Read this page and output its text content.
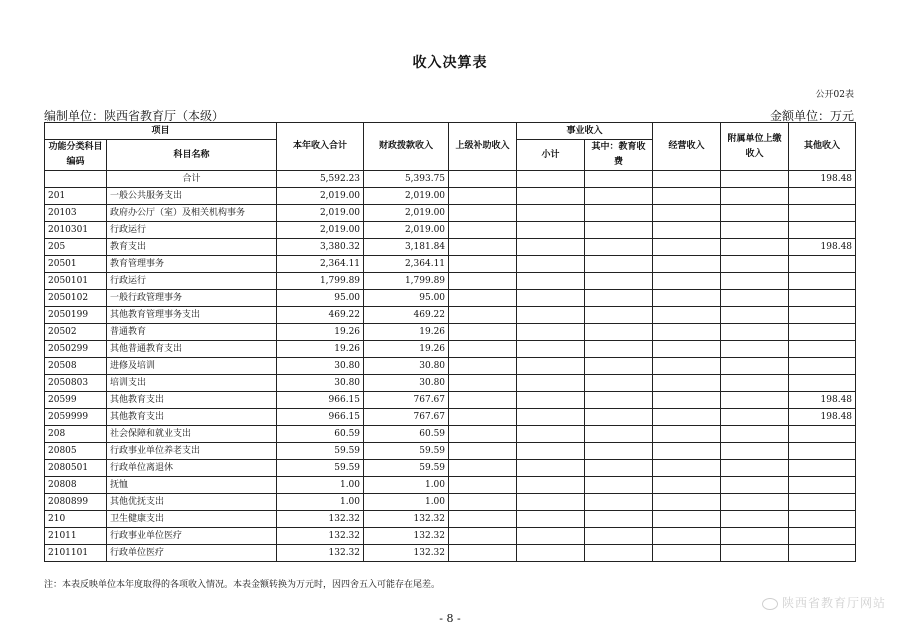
收入决算表
公开02表
编制单位：陕西省教育厅（本级）	金额单位：万元
项目		本年收入合计	财政拨款收入	上级补助收入	事业收入		经营收入	附属单位上缴收入	其他收入
功能分类科目编码	科目名称				小计	其中：教育收费			

	合计	5,592.23	5,393.75						198.48
201	一般公共服务支出	2,019.00	2,019.00						
20103	政府办公厅（室）及相关机构事务	2,019.00	2,019.00						
2010301	行政运行	2,019.00	2,019.00						
205	教育支出	3,380.32	3,181.84						198.48
20501	教育管理事务	2,364.11	2,364.11						
2050101	行政运行	1,799.89	1,799.89						
2050102	一般行政管理事务	95.00	95.00						
2050199	其他教育管理事务支出	469.22	469.22						
20502	普通教育	19.26	19.26						
2050299	其他普通教育支出	19.26	19.26						
20508	进修及培训	30.80	30.80						
2050803	培训支出	30.80	30.80						
20599	其他教育支出	966.15	767.67						198.48
2059999	其他教育支出	966.15	767.67						198.48
208	社会保障和就业支出	60.59	60.59						
20805	行政事业单位养老支出	59.59	59.59						
2080501	行政单位离退休	59.59	59.59						
20808	抚恤	1.00	1.00						
2080899	其他优抚支出	1.00	1.00						
210	卫生健康支出	132.32	132.32						
21011	行政事业单位医疗	132.32	132.32						
2101101	行政单位医疗	132.32	132.32						
注：本表反映单位本年度取得的各项收入情况。本表金额转换为万元时，因四舍五入可能存在尾差。
- 8 -
陕西省教育厅网站
